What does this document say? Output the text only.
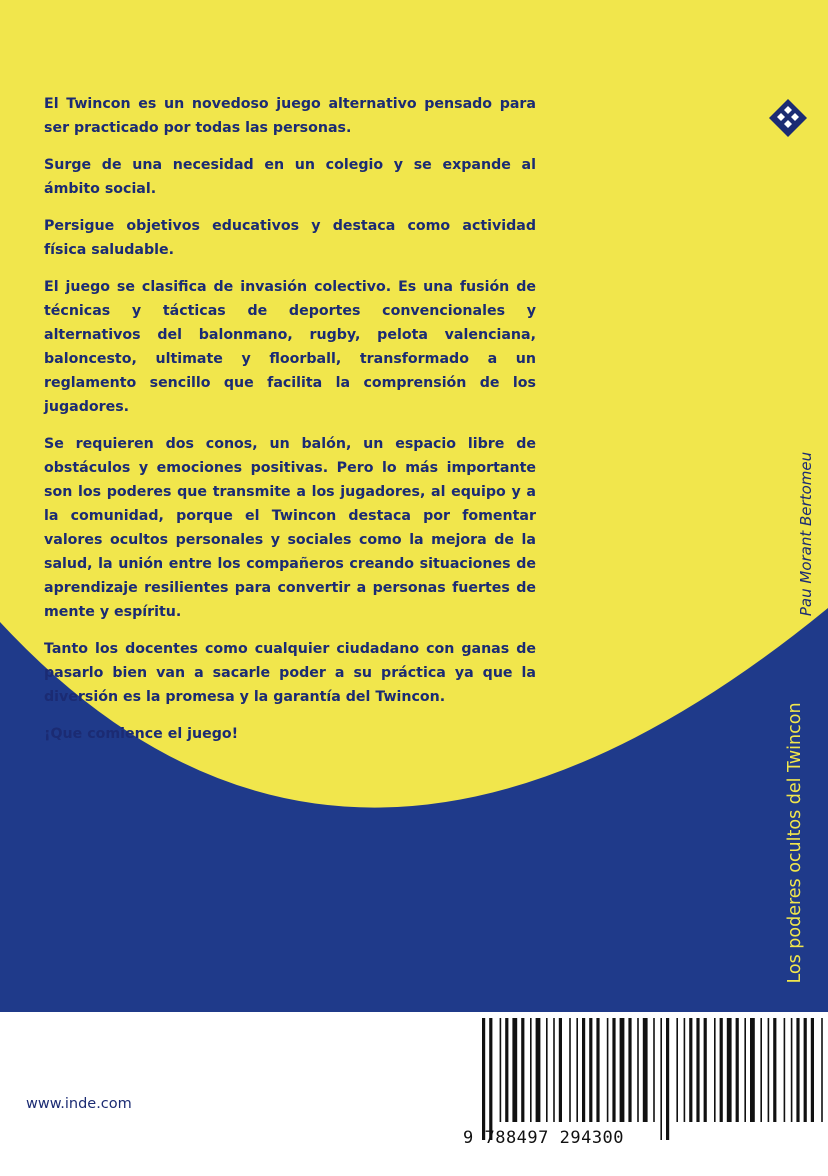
El Twincon es un novedoso juego alternativo pensado para ser practicado por todas las personas.

Surge de una necesidad en un colegio y se expande al ámbito social.

Persigue objetivos educativos y destaca como actividad física saludable.

El juego se clasifica de invasión colectivo. Es una fusión de técnicas y tácticas de deportes convencionales y alternativos del balonmano, rugby, pelota valenciana, baloncesto, ultimate y floorball, transformado a un reglamento sencillo que facilita la comprensión de los jugadores.

Se requieren dos conos, un balón, un espacio libre de obstáculos y emociones positivas. Pero lo más importante son los poderes que transmite a los jugadores, al equipo y a la comunidad, porque el Twincon destaca por fomentar valores ocultos personales y sociales como la mejora de la salud, la unión entre los compañeros creando situaciones de aprendizaje resilientes para convertir a personas fuertes de mente y espíritu.

Tanto los docentes como cualquier ciudadano con ganas de pasarlo bien van a sacarle poder a su práctica ya que la diversión es la promesa y la garantía del Twincon.

¡Que comience el juego!

Pau Morant Bertomeu
Los poderes ocultos del Twincon
www.inde.com
9 788497 294300
